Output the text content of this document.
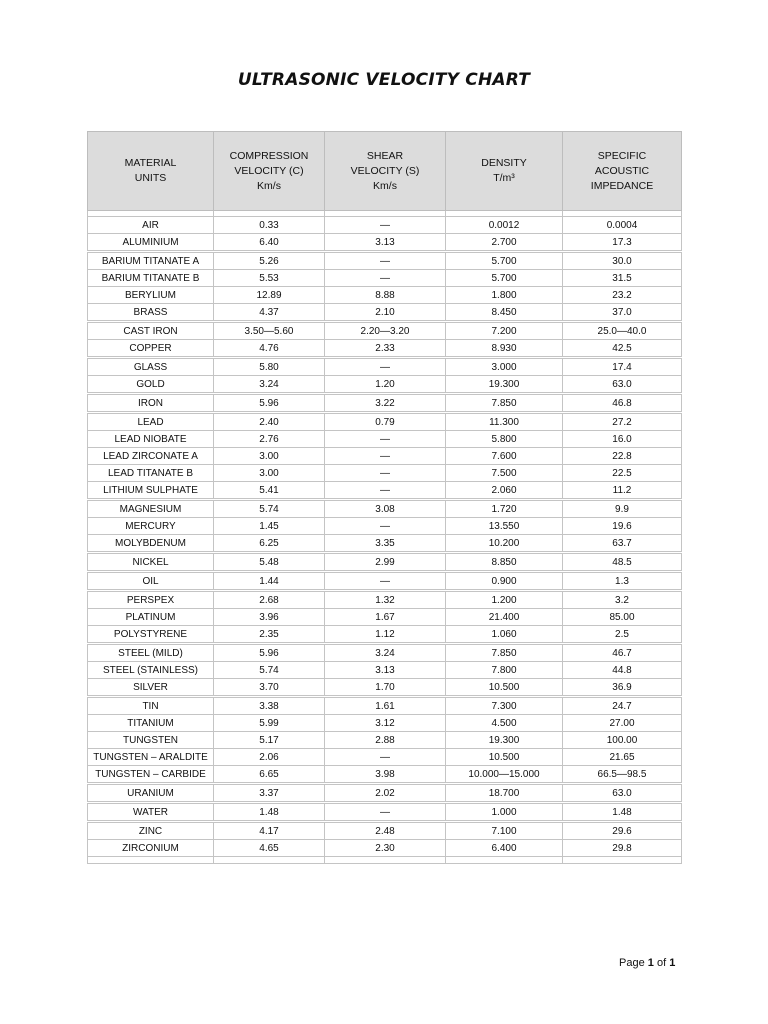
ULTRASONIC VELOCITY CHART
MATERIAL
UNITS	COMPRESSION
VELOCITY (C)
Km/s	SHEAR
VELOCITY (S)
Km/s	DENSITY
T/m³	SPECIFIC
ACOUSTIC
IMPEDANCE

AIR	0.33	—	0.0012	0.0004
ALUMINIUM	6.40	3.13	2.700	17.3
BARIUM TITANATE A	5.26	—	5.700	30.0
BARIUM TITANATE B	5.53	—	5.700	31.5
BERYLIUM	12.89	8.88	1.800	23.2
BRASS	4.37	2.10	8.450	37.0
CAST IRON	3.50—5.60	2.20—3.20	7.200	25.0—40.0
COPPER	4.76	2.33	8.930	42.5
GLASS	5.80	—	3.000	17.4
GOLD	3.24	1.20	19.300	63.0
IRON	5.96	3.22	7.850	46.8
LEAD	2.40	0.79	11.300	27.2
LEAD NIOBATE	2.76	—	5.800	16.0
LEAD ZIRCONATE A	3.00	—	7.600	22.8
LEAD TITANATE B	3.00	—	7.500	22.5
LITHIUM SULPHATE	5.41	—	2.060	11.2
MAGNESIUM	5.74	3.08	1.720	9.9
MERCURY	1.45	—	13.550	19.6
MOLYBDENUM	6.25	3.35	10.200	63.7
NICKEL	5.48	2.99	8.850	48.5
OIL	1.44	—	0.900	1.3
PERSPEX	2.68	1.32	1.200	3.2
PLATINUM	3.96	1.67	21.400	85.00
POLYSTYRENE	2.35	1.12	1.060	2.5
STEEL (MILD)	5.96	3.24	7.850	46.7
STEEL (STAINLESS)	5.74	3.13	7.800	44.8
SILVER	3.70	1.70	10.500	36.9
TIN	3.38	1.61	7.300	24.7
TITANIUM	5.99	3.12	4.500	27.00
TUNGSTEN	5.17	2.88	19.300	100.00
TUNGSTEN – ARALDITE	2.06	—	10.500	21.65
TUNGSTEN – CARBIDE	6.65	3.98	10.000—15.000	66.5—98.5
URANIUM	3.37	2.02	18.700	63.0
WATER	1.48	—	1.000	1.48
ZINC	4.17	2.48	7.100	29.6
ZIRCONIUM	4.65	2.30	6.400	29.8

Page 1 of 1
